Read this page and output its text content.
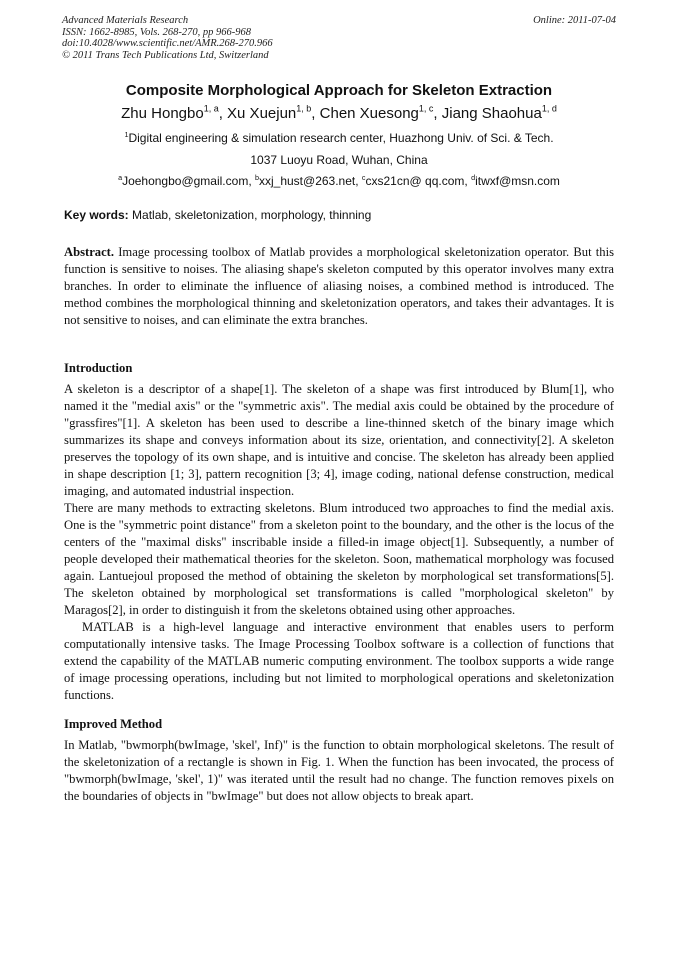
Advanced Materials Research
ISSN: 1662-8985, Vols. 268-270, pp 966-968
doi:10.4028/www.scientific.net/AMR.268-270.966
© 2011 Trans Tech Publications Ltd, Switzerland
Online: 2011-07-04
Composite Morphological Approach for Skeleton Extraction
Zhu Hongbo$^{1, a}$, Xu Xuejun$^{1, b}$, Chen Xuesong$^{1, c}$, Jiang Shaohua$^{1, d}$
$^1$Digital engineering & simulation research center, Huazhong Univ. of Sci. & Tech.
1037 Luoyu Road, Wuhan, China
$^a$Joehongbo@gmail.com, $^b$xxj_hust@263.net, $^c$cxs21cn@ qq.com, $^d$itwxf@msn.com
Key words: Matlab, skeletonization, morphology, thinning

Abstract. Image processing toolbox of Matlab provides a morphological skeletonization operator. But this function is sensitive to noises. The aliasing shape's skeleton computed by this operator involves many extra branches. In order to eliminate the influence of aliasing noises, a combined method is introduced. The method combines the morphological thinning and skeletonization operators, and takes their advantages. It is not sensitive to noises, and can eliminate the extra branches.

Introduction

A skeleton is a descriptor of a shape[1]. The skeleton of a shape was first introduced by Blum[1], who named it the "medial axis" or the "symmetric axis". The medial axis could be obtained by the procedure of "grassfires"[1]. A skeleton has been used to describe a line-thinned sketch of the binary image which summarizes its shape and conveys information about its size, orientation, and connectivity[2]. A skeleton preserves the topology of its own shape, and is intuitive and concise. The skeleton has already been applied in shape description [1; 3], pattern recognition [3; 4], image coding, national defense construction, medical imaging, and automated industrial inspection.

There are many methods to extracting skeletons. Blum introduced two approaches to find the medial axis. One is the "symmetric point distance" from a skeleton point to the boundary, and the other is the locus of the centers of the "maximal disks" inscribable inside a filled-in image object[1]. Subsequently, a number of people developed their mathematical theories for the skeleton. Soon, mathematical morphology was focused again. Lantuejoul proposed the method of obtaining the skeleton by morphological set transformations[5]. The skeleton obtained by morphological set transformations is called "morphological skeleton" by Maragos[2], in order to distinguish it from the skeletons obtained using other approaches.

MATLAB is a high-level language and interactive environment that enables users to perform computationally intensive tasks. The Image Processing Toolbox software is a collection of functions that extend the capability of the MATLAB numeric computing environment. The toolbox supports a wide range of image processing operations, including but not limited to morphological operations and skeletonization functions.

Improved Method

In Matlab, "bwmorph(bwImage, 'skel', Inf)" is the function to obtain morphological skeletons. The result of the skeletonization of a rectangle is shown in Fig. 1. When the function has been invocated, the process of "bwmorph(bwImage, 'skel', 1)" was iterated until the result had no change. The function removes pixels on the boundaries of objects in "bwImage" but does not allow objects to break apart.
